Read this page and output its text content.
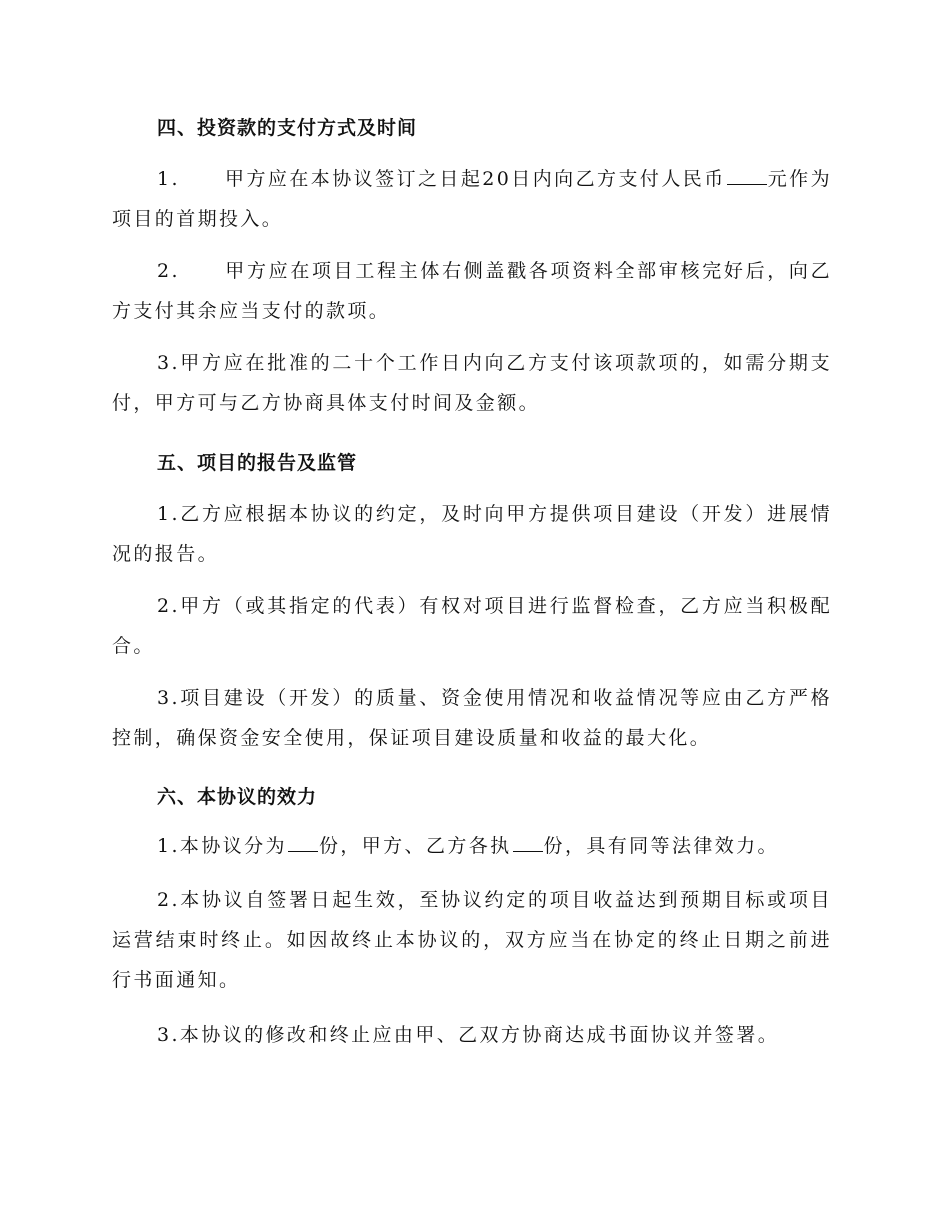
四、投资款的支付方式及时间
1. 甲方应在本协议签订之日起20日内向乙方支付人民币 元作为项目的首期投入。
2. 甲方应在项目工程主体右侧盖戳各项资料全部审核完好后，向乙方支付其余应当支付的款项。
3.甲方应在批准的二十个工作日内向乙方支付该项款项的，如需分期支付，甲方可与乙方协商具体支付时间及金额。
五、项目的报告及监管
1.乙方应根据本协议的约定，及时向甲方提供项目建设（开发）进展情况的报告。
2.甲方（或其指定的代表）有权对项目进行监督检查，乙方应当积极配合。
3.项目建设（开发）的质量、资金使用情况和收益情况等应由乙方严格控制，确保资金安全使用，保证项目建设质量和收益的最大化。
六、本协议的效力
1.本协议分为 份，甲方、乙方各执 份，具有同等法律效力。
2.本协议自签署日起生效，至协议约定的项目收益达到预期目标或项目运营结束时终止。如因故终止本协议的，双方应当在协定的终止日期之前进行书面通知。
3.本协议的修改和终止应由甲、乙双方协商达成书面协议并签署。
